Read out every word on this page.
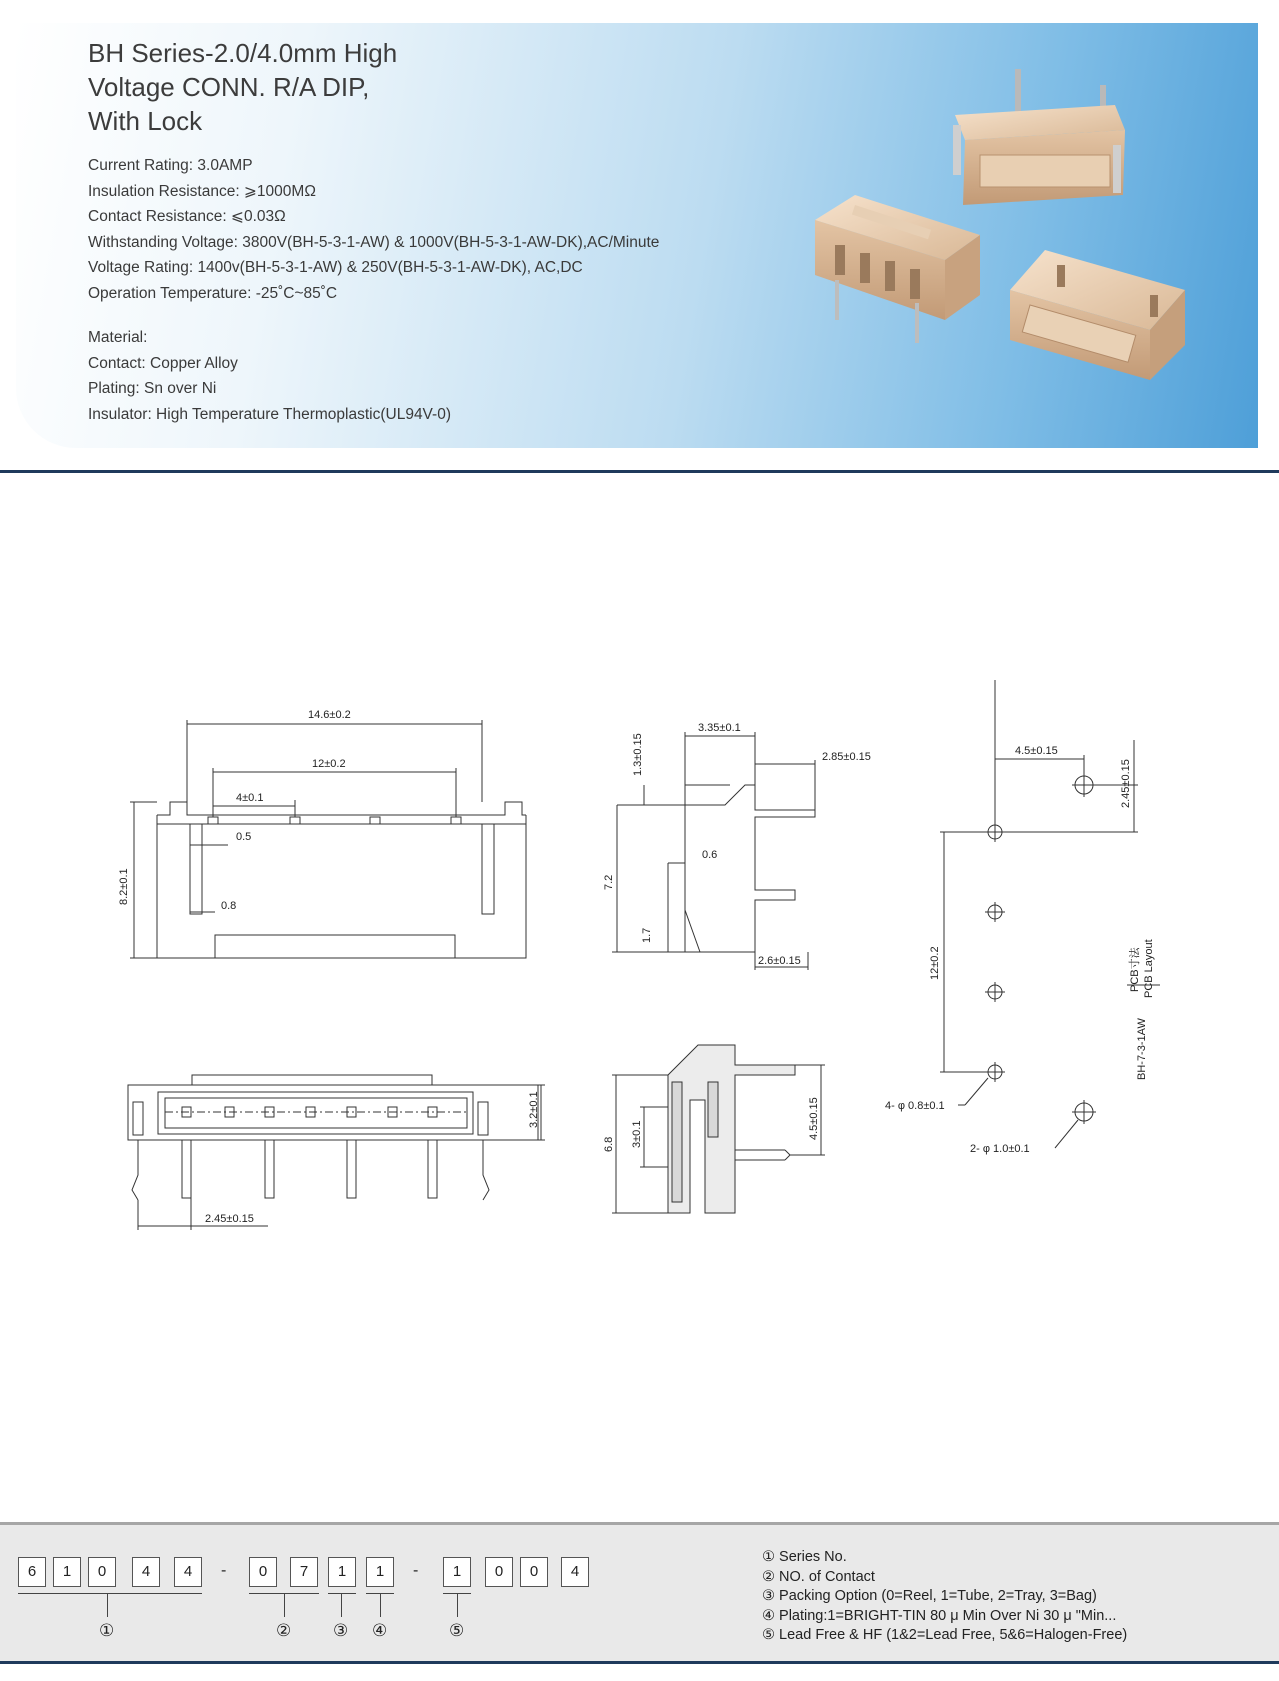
BH Series-2.0/4.0mm High
Voltage CONN. R/A DIP,
With Lock
Current Rating: 3.0AMP
Insulation Resistance: ⩾1000MΩ
Contact Resistance: ⩽0.03Ω
Withstanding Voltage: 3800V(BH-5-3-1-AW) & 1000V(BH-5-3-1-AW-DK),AC/Minute
Voltage Rating: 1400v(BH-5-3-1-AW) & 250V(BH-5-3-1-AW-DK), AC,DC
Operation Temperature: -25˚C~85˚C
Material:
Contact: Copper Alloy
Plating: Sn over Ni
Insulator: High Temperature Thermoplastic(UL94V-0)
14.6±0.2
12±0.2
4±0.1
0.5
0.8
8.2±0.1
3.35±0.1
2.85±0.15
0.6
2.6±0.15
1.3±0.15
7.2
1.7
4.5±0.15
2.45±0.15
12±0.2
4- φ 0.8±0.1
2- φ 1.0±0.1
PCB寸法 PCB Layout
BH-7-3-1AW
3.2±0.1
2.45±0.15
6.8 3±0.1	4.5±0.15
6	1	0	4	4	-	0	7	1	1	-	1	0	0	4
①	② ③ ④	⑤
① Series No.
② NO. of Contact
③ Packing Option (0=Reel, 1=Tube, 2=Tray, 3=Bag)
④ Plating:1=BRIGHT-TIN 80 μ Min Over Ni 30 μ "Min...
⑤ Lead Free & HF (1&2=Lead Free, 5&6=Halogen-Free)
